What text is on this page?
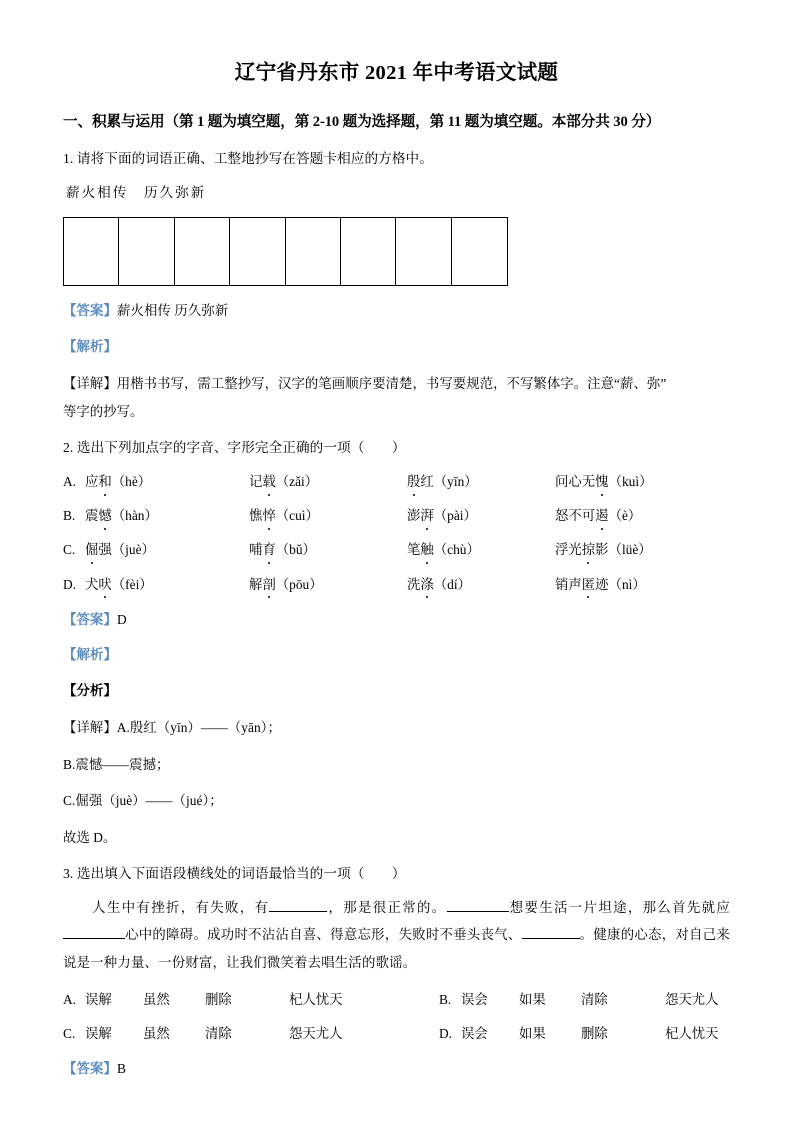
辽宁省丹东市 2021 年中考语文试题
一、积累与运用（第 1 题为填空题，第 2-10 题为选择题，第 11 题为填空题。本部分共 30 分）
1. 请将下面的词语正确、工整地抄写在答题卡相应的方格中。
薪火相传　历久弥新
【答案】薪火相传 历久弥新
【解析】
【详解】用楷书书写，需工整抄写，汉字的笔画顺序要清楚，书写要规范，不写繁体字。注意“薪、弥”
等字的抄写。
2. 选出下列加点字的字音、字形完全正确的一项（　　）
A. 应和（hè）	记载（zǎi）	殷红（yīn）	问心无愧（kuì）
B. 震憾（hàn）	憔悴（cuì）	澎湃（pài）	怒不可遏（è）
C. 倔强（juè）	哺育（bǔ）	笔触（chù）	浮光掠影（lüè）
D. 犬吠（fèi）	解剖（pōu）	洗涤（dí）	销声匿迹（nì）
【答案】D
【解析】
【分析】
【详解】A.殷红（yīn）——（yān）；
B.震憾——震撼；
C.倔强（juè）——（jué）；
故选 D。
3. 选出填入下面语段横线处的词语最恰当的一项（　　）
人生中有挫折，有失败，有	，那是很正常的。	想要生活一片坦途，那么首先就应心中的障碍。成功时不沾沾自喜、得意忘形，失败时不垂头丧气、	。健康的心态，对自己来说是一种力量、一份财富，让我们微笑着去唱生活的歌谣。
A. 误解	虽然	删除	杞人忧天	B. 误会	如果	清除	怨天尤人
C. 误解	虽然	清除	怨天尤人	D. 误会	如果	删除	杞人忧天
【答案】B
